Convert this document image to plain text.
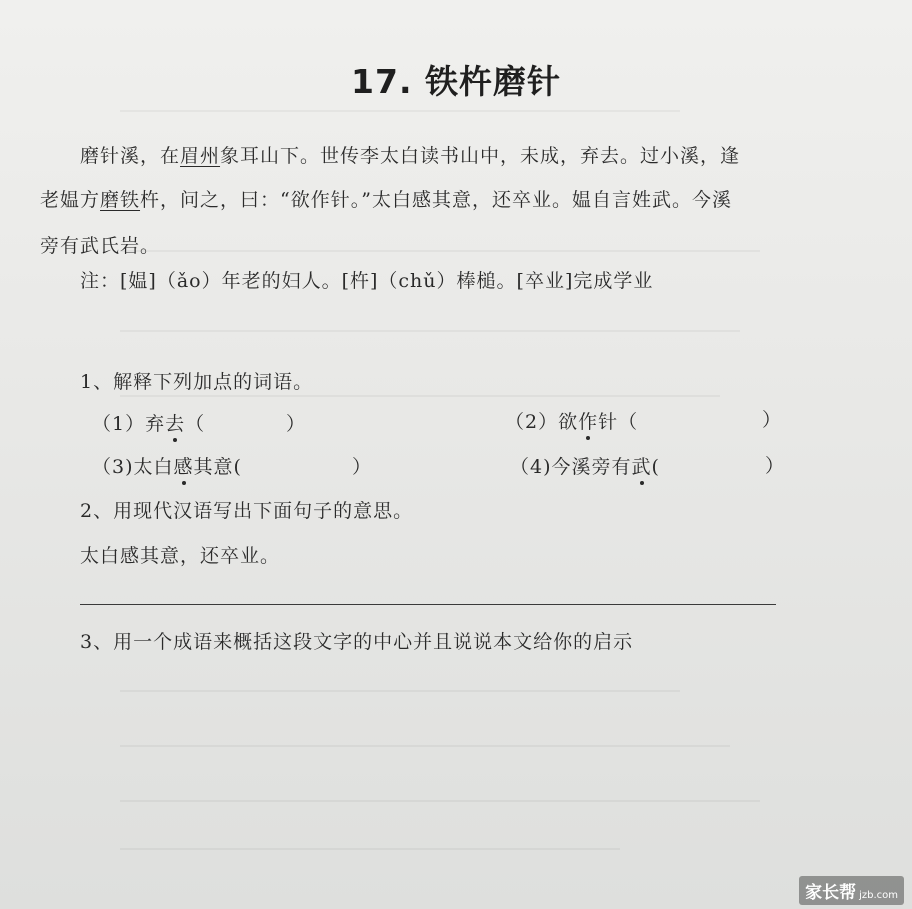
17. 铁杵磨针
磨针溪，在眉州象耳山下。世传李太白读书山中，未成，弃去。过小溪，逢
老媪方磨铁杵，问之，曰：“欲作针。”太白感其意，还卒业。媪自言姓武。今溪
旁有武氏岩。
注：[媪]（ǎo）年老的妇人。[杵]（chǔ）棒槌。[卒业]完成学业
1、解释下列加点的词语。
（1）弃去（	）	（2）欲作针（	）
（3)太白感其意(	）	（4)今溪旁有武(	）
2、用现代汉语写出下面句子的意思。
太白感其意，还卒业。
3、用一个成语来概括这段文字的中心并且说说本文给你的启示
家长帮 jzb.com
